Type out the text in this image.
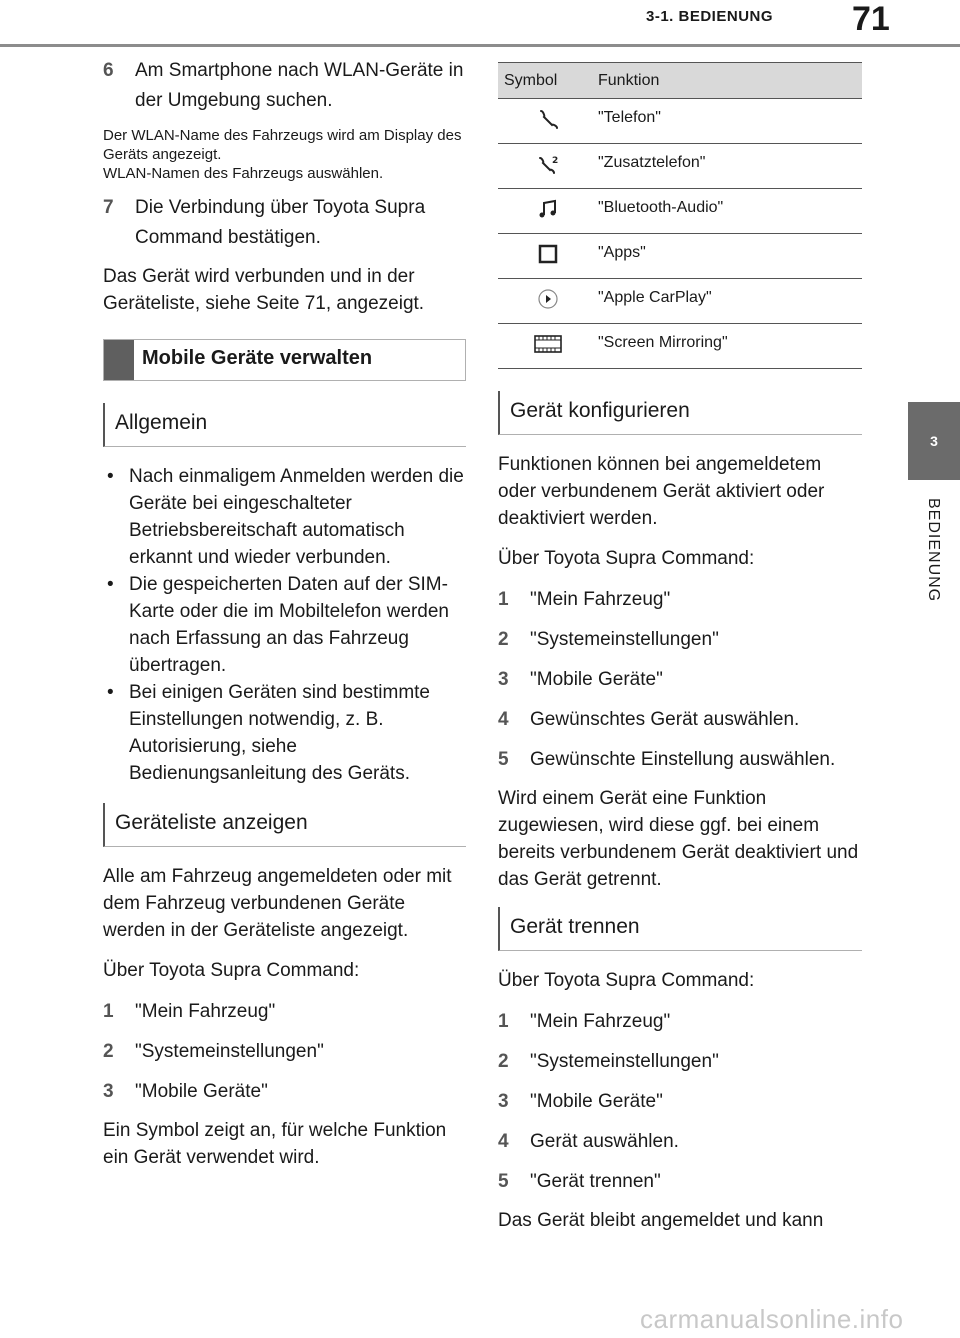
3-1. BEDIENUNG 71
3
BEDIENUNG
6 Am Smartphone nach WLAN-Geräte in der Umgebung suchen.
Der WLAN-Name des Fahrzeugs wird am Display des Geräts angezeigt.
WLAN-Namen des Fahrzeugs auswählen.
7 Die Verbindung über Toyota Supra Command bestätigen.
Das Gerät wird verbunden und in der Geräteliste, siehe Seite 71, angezeigt.
Mobile Geräte verwalten
Allgemein
• Nach einmaligem Anmelden werden die Geräte bei eingeschalteter Betriebsbereitschaft automatisch erkannt und wieder verbunden.
• Die gespeicherten Daten auf der SIM-Karte oder die im Mobiltelefon werden nach Erfassung an das Fahrzeug übertragen.
• Bei einigen Geräten sind bestimmte Einstellungen notwendig, z. B. Autorisierung, siehe Bedienungsanleitung des Geräts.
Geräteliste anzeigen
Alle am Fahrzeug angemeldeten oder mit dem Fahrzeug verbundenen Geräte werden in der Geräteliste angezeigt.
Über Toyota Supra Command:
1 "Mein Fahrzeug"
2 "Systemeinstellungen"
3 "Mobile Geräte"
Ein Symbol zeigt an, für welche Funktion ein Gerät verwendet wird.
Symbol	Funktion
	"Telefon"

2	"Zusatztelefon"
	"Bluetooth-Audio"
	"Apps"
	"Apple CarPlay"
	"Screen Mirroring"
Gerät konfigurieren
Funktionen können bei angemeldetem oder verbundenem Gerät aktiviert oder deaktiviert werden.
Über Toyota Supra Command:
1 "Mein Fahrzeug"
2 "Systemeinstellungen"
3 "Mobile Geräte"
4 Gewünschtes Gerät auswählen.
5 Gewünschte Einstellung auswählen.
Wird einem Gerät eine Funktion zugewiesen, wird diese ggf. bei einem bereits verbundenem Gerät deaktiviert und das Gerät getrennt.
Gerät trennen
Über Toyota Supra Command:
1 "Mein Fahrzeug"
2 "Systemeinstellungen"
3 "Mobile Geräte"
4 Gerät auswählen.
5 "Gerät trennen"
Das Gerät bleibt angemeldet und kann
carmanualsonline.info
